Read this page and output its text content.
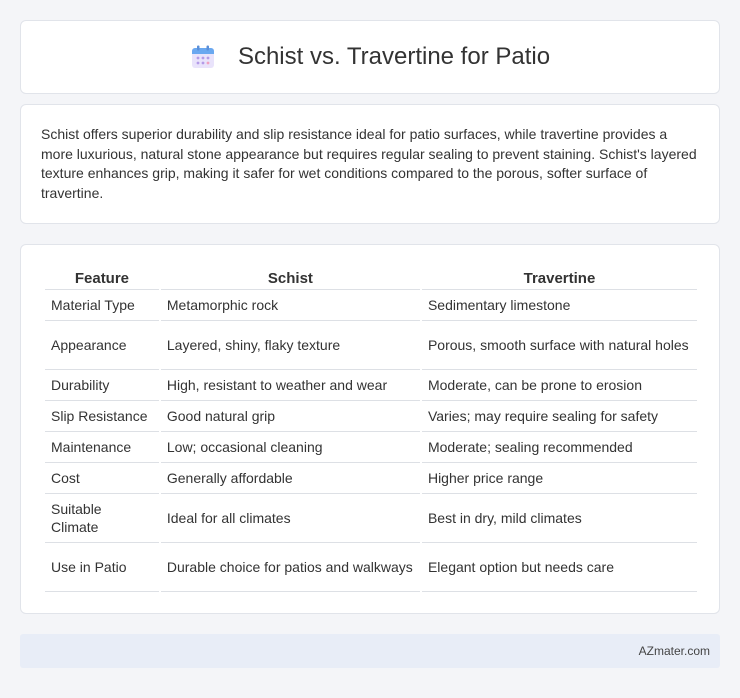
Schist vs. Travertine for Patio

Schist offers superior durability and slip resistance ideal for patio surfaces, while travertine provides a more luxurious, natural stone appearance but requires regular sealing to prevent staining. Schist's layered texture enhances grip, making it safer for wet conditions compared to the porous, softer surface of travertine.

Feature	Schist	Travertine
Material Type	Metamorphic rock	Sedimentary limestone
Appearance	Layered, shiny, flaky texture	Porous, smooth surface with natural holes
Durability	High, resistant to weather and wear	Moderate, can be prone to erosion
Slip Resistance	Good natural grip	Varies; may require sealing for safety
Maintenance	Low; occasional cleaning	Moderate; sealing recommended
Cost	Generally affordable	Higher price range
Suitable Climate	Ideal for all climates	Best in dry, mild climates
Use in Patio	Durable choice for patios and walkways	Elegant option but needs care
AZmater.com
